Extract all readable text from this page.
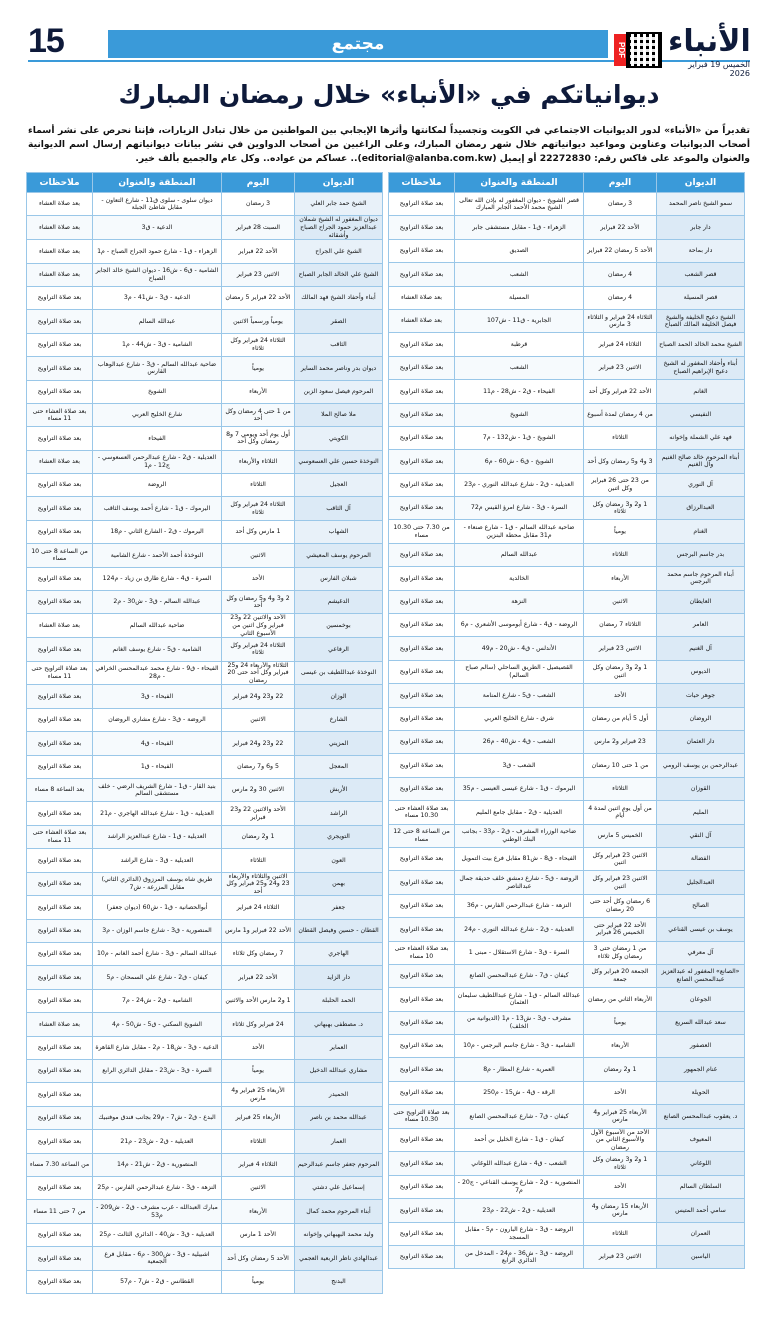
15	مجتمع	PDF الأنباء
الخميس 19 فبراير 2026
ديوانياتكم في «الأنباء» خلال رمضان المبارك
تقديراً من «الأنباء» لدور الديوانيات الاجتماعي في الكويت وتجسيداً لمكانتها وأثرها الإيجابي بين المواطنين من خلال تبادل الزيارات، فإننا نحرص على نشر أسماء أصحاب الديوانيات وعناوين ومواعيد ديوانياتهم خلال شهر رمضان المبارك، وعلى الراغبين من أصحاب الدواوين في نشر بيانات ديوانياتهم إرسال اسم الديوانية والعنوان والموعد على فاكس رقم: 22272830 أو إيميل (editorial@alanba.com.kw).. عساكم من عواده.. وكل عام والجميع بألف خير.
الديوان	اليوم	المنطقة والعنوان	ملاحظات
سمو الشيخ ناصر المحمد	3 رمضان	قصر الشويخ - ديوان المغفور له بإذن الله تعالى الشيخ محمد الأحمد الجابر المبارك	بعد صلاة التراويح
دار جابر	الأحد 22 فبراير	الزهراء - ق1 - مقابل مستشفى جابر	بعد صلاة التراويح
دار بماحة	الأحد 5 رمضان 22 فبراير	الصديق	بعد صلاة التراويح
قصر الشعب	4 رمضان	الشعب	بعد صلاة التراويح
قصر المسيلة	4 رمضان	المسيلة	بعد صلاة العشاء
الشيخ دعيج الخليفة والشيخ فيصل الخليفة المالك الصباح	الثلاثاء 24 فبراير و الثلاثاء 3 مارس	الجابرية - ق11 - ش107	بعد صلاة العشاء
الشيخ محمد الخالد الحمد الصباح	الثلاثاء 24 فبراير	قرطبة	بعد صلاة التراويح
أبناء وأحفاد المغفور له الشيخ دعيج الإبراهيم الصباح	الاثنين 23 فبراير	الشعب	بعد صلاة التراويح
الغانم	الأحد 22 فبراير وكل أحد	الفيحاء - ق2 - ش28 - م11	بعد صلاة التراويح
النفيسي	من 4 رمضان لمدة أسبوع	الشويخ	بعد صلاة التراويح
فهد علي الشملة وإخوانه	الثلاثاء	الشويخ - ق1 - ش132 - م7	بعد صلاة التراويح
أبناء المرحوم خالد صالح الغنيم وآل الغنيم	3 و4 و5 رمضان وكل أحد	الشويخ - ق6 - ش60 - م6	بعد صلاة التراويح
آل النوري	من 23 حتى 26 فبراير وكل اثنين	العديلية - ق2 - شارع عبدالله النوري - م23	بعد صلاة التراويح
العبدالرزاق	1 و2 و3 رمضان وكل ثلاثاء	السرة - ق3 - شارع امرؤ القيس م72	بعد صلاة التراويح
الغنام	يومياً	ضاحية عبدالله السالم - ق1 - شارع صنعاء - م31 مقابل محطة البنزين	من 7.30 حتى 10.30 مساء
بدر جاسم البرجس	الثلاثاء	عبدالله السالم	بعد صلاة التراويح
أبناء المرحوم جاسم محمد البرجس	الأربعاء	الخالدية	بعد صلاة التراويح
العايطان	الاثنين	النزهة	بعد صلاة التراويح
العامر	الثلاثاء 7 رمضان	الروضة - ق4 - شارع أبوموسى الأشعري - م6	بعد صلاة التراويح
آل الغنيم	الاثنين 23 فبراير	الأندلس - ق4 - ش20 - م49	بعد صلاة التراويح
الديوس	1 و2 و3 رمضان وكل اثنين	القصيصيل - الطريق الساحلي (سالم صباح السالم)	بعد صلاة التراويح
جوهر حيات	الأحد	الشعب - ق5 - شارع المنامة	بعد صلاة التراويح
الروضان	أول 5 أيام من رمضان	شرق - شارع الخليج العربي	بعد صلاة التراويح
دار العثمان	23 فبراير و2 مارس	الشعب - ق4 - ش40 - م26	بعد صلاة التراويح
عبدالرحمن بن يوسف الرومي	من 1 حتى 10 رمضان	الشعب - ق3	بعد صلاة التراويح
القوزان	الثلاثاء	اليرموك - ق1 - شارع عيسى العيسى - م35	بعد صلاة التراويح
المليم	من أول يوم اثنين لمدة 4 أيام	العديلية - ق2 - مقابل جامع المليم	بعد صلاة العشاء حتى 10.30 مساء
آل النقي	الخميس 5 مارس	ضاحية الوزراء المشرف - ق2 - م33 - بجانب البنك الوطني	من الساعة 8 حتى 12 مساء
الفضالة	الاثنين 23 فبراير وكل اثنين	الفيحاء - ق8 - ش81 مقابل فرع بيت التمويل	بعد صلاة التراويح
العبدالجليل	الاثنين 23 فبراير وكل اثنين	الروضة - ق5 - شارع دمشق خلف حديقة جمال عبدالناصر	بعد صلاة التراويح
الصالح	6 رمضان وكل أحد حتى 20 رمضان	النزهة - شارع عبدالرحمن الفارس - م36	بعد صلاة التراويح
يوسف بن عيسى القناعي	الأحد 22 فبراير حتى الخميس 26 فبراير	العديلية - ق2 - شارع عبدالله النوري - م24	بعد صلاة التراويح
آل معرفي	من 1 رمضان حتى 3 رمضان وكل ثلاثاء	السرة - ق3 - شارع الاستقلال - مبنى 1	بعد صلاة العشاء حتى 10 مساء
«الصانع» المغفور له عبدالعزيز عبدالمحسن الصانع	الجمعة 20 فبراير وكل جمعة	كيفان - ق7 - شارع عبدالمحسن الصانع	بعد صلاة التراويح
الجوعان	الأربعاء الثاني من رمضان	عبدالله السالم - ق1 - شارع عبداللطيف سليمان العثمان	بعد صلاة التراويح
سعد عبدالله السريع	يومياً	مشرف - ق3 - ش13 - م1 (الديوانية من الخلف)	بعد صلاة التراويح
العصفور	الأربعاء	الشامية - ق3 - شارع جاسم البرجس - م10	بعد صلاة التراويح
غنام الجمهور	1 و2 رمضان	العمرية - شارع المطار - م8	بعد صلاة التراويح
الحويلة	الأحد	الرقة - ق4 - ش15 - م250	بعد صلاة التراويح
د. يعقوب عبدالمحسن الصانع	الأربعاء 25 فبراير و4 مارس	كيفان - ق7 - شارع عبدالمحسن الصانع	بعد صلاة التراويح حتى 10.30 مساء
المعيوف	الأحد من الأسبوع الأول والأسبوع الثاني من رمضان	كيفان - ق1 - شارع الخليل بن أحمد	بعد صلاة التراويح
اللوغاني	1 و2 و3 رمضان وكل ثلاثاء	الشعب - ق4 - شارع عبدالله اللوغاني	بعد صلاة التراويح
السلطان السالم	الأحد	المنصورية - ق2 - شارع يوسف القناعي - ج20 - م7	بعد صلاة التراويح
سامي أحمد المتيس	الأربعاء 15 رمضان و4 مارس	العديلية - ق2 - ش22 - م23	بعد صلاة التراويح
العمران	الثلاثاء	الروضة - ق3 - شارع البارون - م5 - مقابل المسجد	بعد صلاة التراويح
الياسين	الاثنين 23 فبراير	الروضة - ق3 - ش36 - م24 - المدخل من الدائري الرابع	بعد صلاة التراويح
الديوان	اليوم	المنطقة والعنوان	ملاحظات
الشيخ حمد جابر العلي	3 رمضان	ديوان سلوى - سلوى ق11 - شارع التعاون - مقابل شاطئ الجبلة	بعد صلاة العشاء
ديوان المغفور له الشيخ شملان عبدالعزيز حمود الجراح الصباح وأشقائه	السبت 28 فبراير	الدعية - ق3	بعد صلاة العشاء
الشيخ علي الجراح	الأحد 22 فبراير	الزهراء - ق1 - شارع حمود الجراح الصباح - م1	بعد صلاة العشاء
الشيخ علي الخالد الجابر الصباح	الاثنين 23 فبراير	الشامية - ق6 - ش16 - ديوان الشيخ خالد الجابر الصباح	بعد صلاة العشاء
أبناء وأحفاد الشيخ فهد المالك	الأحد 22 فبراير 5 رمضان	الدعية - ق3 - ش41 - م3	بعد صلاة التراويح
الصقر	يومياً ورسمياً الاثنين	عبدالله السالم	بعد صلاة التراويح
الثاقب	الثلاثاء 24 فبراير وكل ثلاثاء	الشامية - ق3 - ش44 - م1	بعد صلاة التراويح
ديوان بدر وناصر محمد الساير	يومياً	ضاحية عبدالله السالم - ق3 - شارع عبدالوهاب القارس	بعد صلاة التراويح
المرحوم فيصل سعود الزبن	الأربعاء	الشويخ	بعد صلاة التراويح
ملا صالح الملا	من 1 حتى 4 رمضان وكل أحد	شارع الخليج العربي	بعد صلاة العشاء حتى 11 مساء
الكويتي	أول يوم أحد ويومي 7 و8 رمضان وكل أحد	الفيحاء	بعد صلاة التراويح
النوخذة حسين علي العسعوسي	الثلاثاء والأربعاء	العديلية - ق2 - شارع عبدالرحمن العسعوسي - ج12 - م1	بعد صلاة العشاء
العجيل	الثلاثاء	الروضة	بعد صلاة التراويح
آل الثاقب	الثلاثاء 24 فبراير وكل ثلاثاء	اليرموك - ق1 - شارع أحمد يوسف الثاقب	بعد صلاة التراويح
الشهاب	1 مارس وكل أحد	اليرموك - ق2 - الشارع الثاني - م18	بعد صلاة التراويح
المرحوم يوسف المعيشي	الاثنين	النوخذة أحمد الأحمد - شارع الشامية	من الساعة 8 حتى 10 مساء
شبلان الفارس	الأحد	السرة - ق4 - شارع طارق بن زياد - م124	بعد صلاة التراويح
الدغيشم	2 و3 و4 و5 رمضان وكل أحد	عبدالله السالم - ق3 - ش30 - م2	بعد صلاة التراويح
بوخمسين	الأحد والاثنين 22 و23 فبراير وكل اثنين من الأسبوع الثاني	ضاحية عبدالله السالم	بعد صلاة العشاء
الرفاعي	الثلاثاء 24 فبراير وكل ثلاثاء	الشامية - ق5 - شارع يوسف الغانم	بعد صلاة التراويح
النوخذة عبداللطيف بن عيسى	الثلاثاء والأربعاء 24 و25 فبراير وكل أحد حتى 20 رمضان	الفيحاء - ق9 - شارع محمد عبدالمحسن الخرافي - م28	بعد صلاة التراويح حتى 11 مساء
الوزان	22 و23 و24 فبراير	الفيحاء - ق3	بعد صلاة التراويح
الشارخ	الاثنين	الروضة - ق3 - شارع مشاري الروضان	بعد صلاة التراويح
المزيني	22 و23 و24 فبراير	الفيحاء - ق4	بعد صلاة التراويح
المعجل	5 و6 و7 رمضان	الفيحاء - ق1	بعد صلاة التراويح
الأربش	الاثنين 30 و2 مارس	بنيد القار - ق1 - شارع الشريف الرضي - خلف مستشفى السالم	بعد الساعة 8 مساء
الراشد	الأحد والاثنين 22 و23 فبراير	العديلية - ق1 - شارع عبدالله الهاجري - م21	بعد صلاة التراويح
التويجري	1 و2 رمضان	العديلية - ق1 - شارع عبدالعزيز الراشد	بعد صلاة العشاء حتى 11 مساء
العون	الثلاثاء	العديلية - ق3 - شارع الراشد	بعد صلاة التراويح
بهمن	الاثنين والثلاثاء والأربعاء 23 و24 و25 فبراير وكل أحد	طريق شاه بوسف المرزوق (الدائري الثاني) مقابل المزرعة - ش7	بعد صلاة التراويح
جعفر	الثلاثاء 24 فبراير	أبوالحصانية - ق1 - ش60 (ديوان جعفر)	بعد صلاة التراويح
القطان - حسين وفيصل القطان	الأحد 22 فبراير و1 مارس	المنصورية - ق3 - شارع جاسم الوزان - م3	بعد صلاة التراويح
الهاجري	7 رمضان وكل ثلاثاء	عبدالله السالم - ق3 - شارع أحمد الغانم - م10	بعد صلاة التراويح
دار الزايد	الأحد 22 فبراير	كيفان - ق2 - شارع علي السمحان - م5	بعد صلاة التراويح
الحمد الحلبلة	1 و2 مارس الأحد والاثنين	الشامية - ق2 - ش24 - م7	بعد صلاة التراويح
د. مصطفى بهبهاني	24 فبراير وكل ثلاثاء	الشويخ السكني - ق5 - ش50 - م4	بعد صلاة العشاء
العماير	الأحد	الدعية - ق3 - ش18 - م2 - مقابل شارع القاهرة	بعد صلاة التراويح
مشاري عبدالله الدخيل	يومياً	السرة - ق3 - ش23 - مقابل الدائري الرابع	بعد صلاة التراويح
الحميدر	الأربعاء 25 فبراير و4 مارس		بعد صلاة التراويح
عبدالله محمد بن ناصر	الأربعاء 25 فبراير	البدع - ق2 - ش7 - م29 بجانب فندق موفنبيك	بعد صلاة التراويح
العمار	الثلاثاء	العديلية - ق2 - ش23 - م21	بعد صلاة التراويح
المرحوم جعفر جاسم عبدالرحيم	الثلاثاء 4 فبراير	المنصورية - ق2 - ش21 - م14	من الساعة 7.30 مساء
إسماعيل علي دشتي	الاثنين	النزهة - ق3 - شارع عبدالرحمن الفارس - م25	بعد صلاة التراويح
أبناء المرحوم محمد كمال	الأربعاء	مبارك العبدالله - غرب مشرف - ق2 - ش209 - م53	من 7 حتى 11 مساء
وليد محمد البهبهاني وإخوانه	الأحد 1 مارس	العديلية - ق3 - ش40 - الدائري الثالث - م25	بعد صلاة التراويح
عبدالهادي ناظر الربعية العجمي	الأحد 5 رمضان وكل أحد	اشبيلية - ق3 - ش300 - م6 - مقابل فرع الجمعية	بعد صلاة التراويح
البدنج	يومياً	القطانس - ق2 - ش7 - م57	بعد صلاة التراويح
